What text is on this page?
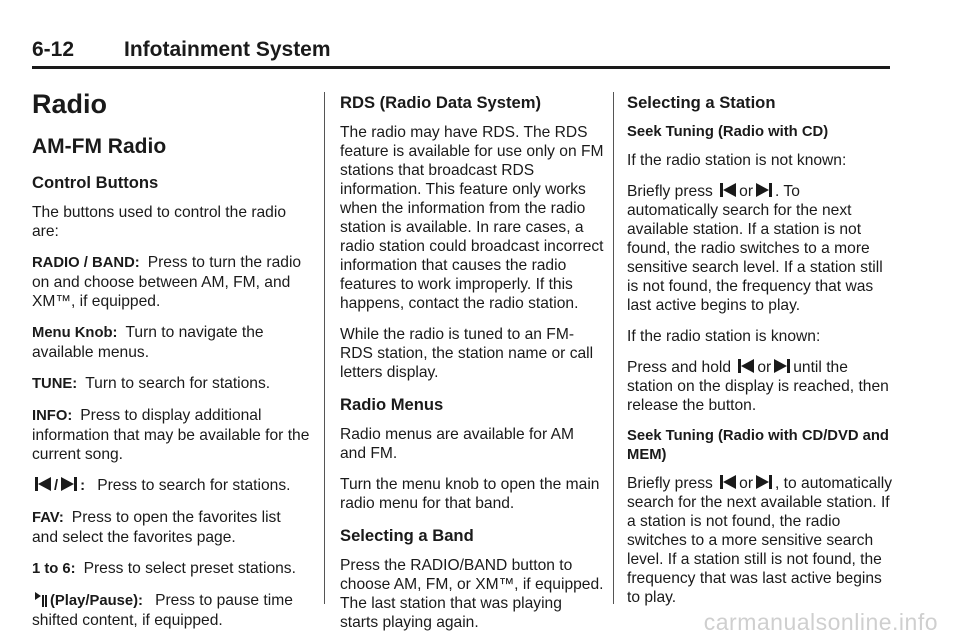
6-12 Infotainment System
Radio
AM-FM Radio
Control Buttons

The buttons used to control the radio are:

RADIO / BAND: Press to turn the radio on and choose between AM, FM, and XM™, if equipped.

Menu Knob: Turn to navigate the available menus.

TUNE: Turn to search for stations.

INFO: Press to display additional information that may be available for the current song.

/ : Press to search for stations.

FAV: Press to open the favorites list and select the favorites page.

1 to 6: Press to select preset stations.

(Play/Pause): Press to pause time shifted content, if equipped.

RDS (Radio Data System)

The radio may have RDS. The RDS feature is available for use only on FM stations that broadcast RDS information. This feature only works when the information from the radio station is available. In rare cases, a radio station could broadcast incorrect information that causes the radio features to work improperly. If this happens, contact the radio station.

While the radio is tuned to an FM-RDS station, the station name or call letters display.

Radio Menus

Radio menus are available for AM and FM.

Turn the menu knob to open the main radio menu for that band.

Selecting a Band

Press the RADIO/BAND button to choose AM, FM, or XM™, if equipped. The last station that was playing starts playing again.

Selecting a Station
Seek Tuning (Radio with CD)

If the radio station is not known:

Briefly press or . To automatically search for the next available station. If a station is not found, the radio switches to a more sensitive search level. If a station still is not found, the frequency that was last active begins to play.

If the radio station is known:

Press and hold or until the station on the display is reached, then release the button.

Seek Tuning (Radio with CD/DVD and MEM)

Briefly press or , to automatically search for the next available station. If a station is not found, the radio switches to a more sensitive search level. If a station still is not found, the frequency that was last active begins to play.

carmanualsonline.info
